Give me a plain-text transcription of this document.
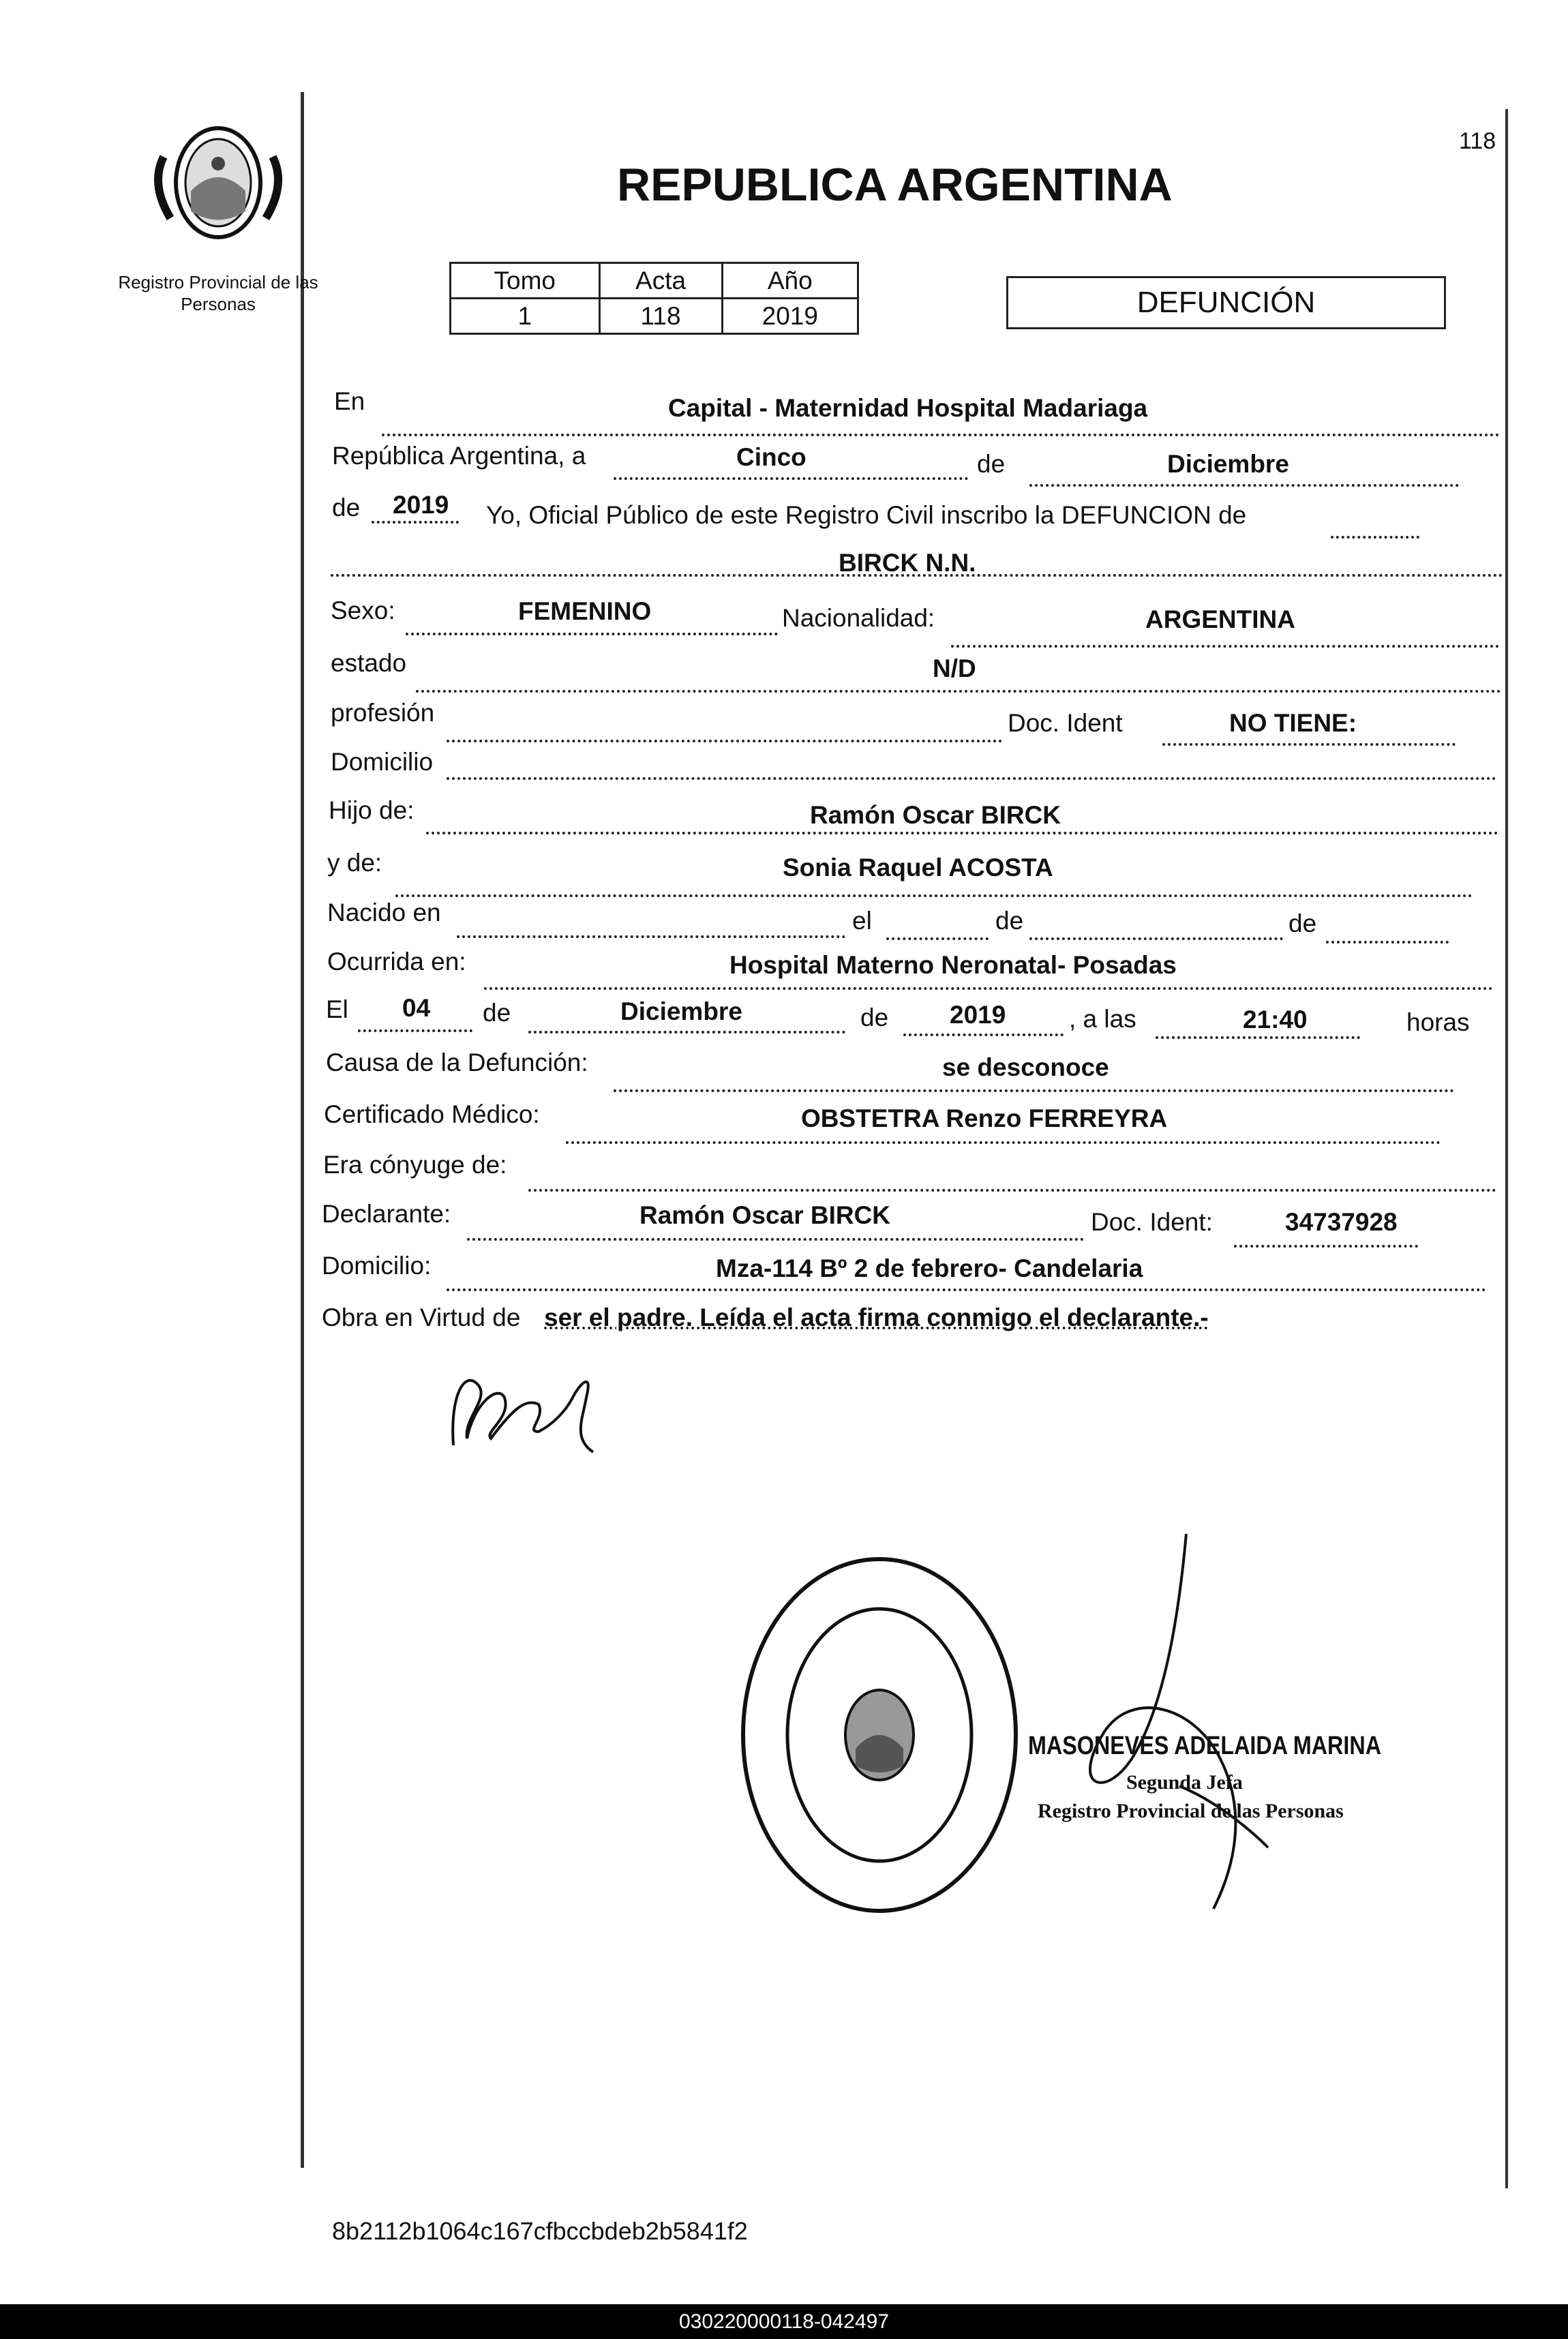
Registro Provincial de las Personas
118
REPUBLICA ARGENTINA
Tomo	Acta	Año
1	118	2019	DEFUNCIÓN
En	Capital - Maternidad Hospital Madariaga
República Argentina, a	Cinco	de	Diciembre
de 2019 Yo, Oficial Público de este Registro Civil inscribo la DEFUNCION de
BIRCK N.N.
Sexo:	FEMENINO	Nacionalidad:	ARGENTINA
estado	N/D
profesión	Doc. Ident	NO TIENE:
Domicilio
Hijo de:	Ramón Oscar BIRCK
y de:	Sonia Raquel ACOSTA
Nacido en	el	de	de
Ocurrida en:	Hospital Materno Neronatal- Posadas
El 04 de	Diciembre	de 2019	, a las	21:40	horas
Causa de la Defunción:	se desconoce
Certificado Médico:	OBSTETRA Renzo FERREYRA
Era cónyuge de:
Declarante:	Ramón Oscar BIRCK	Doc. Ident:	34737928
Domicilio:	Mza-114 Bº 2 de febrero- Candelaria
Obra en Virtud de ser el padre. Leída el acta firma conmigo el declarante.-
MASONEVES ADELAIDA MARINA
Segunda Jefa
Registro Provincial de las Personas
8b2112b1064c167cfbccbdeb2b5841f2
030220000118-042497
